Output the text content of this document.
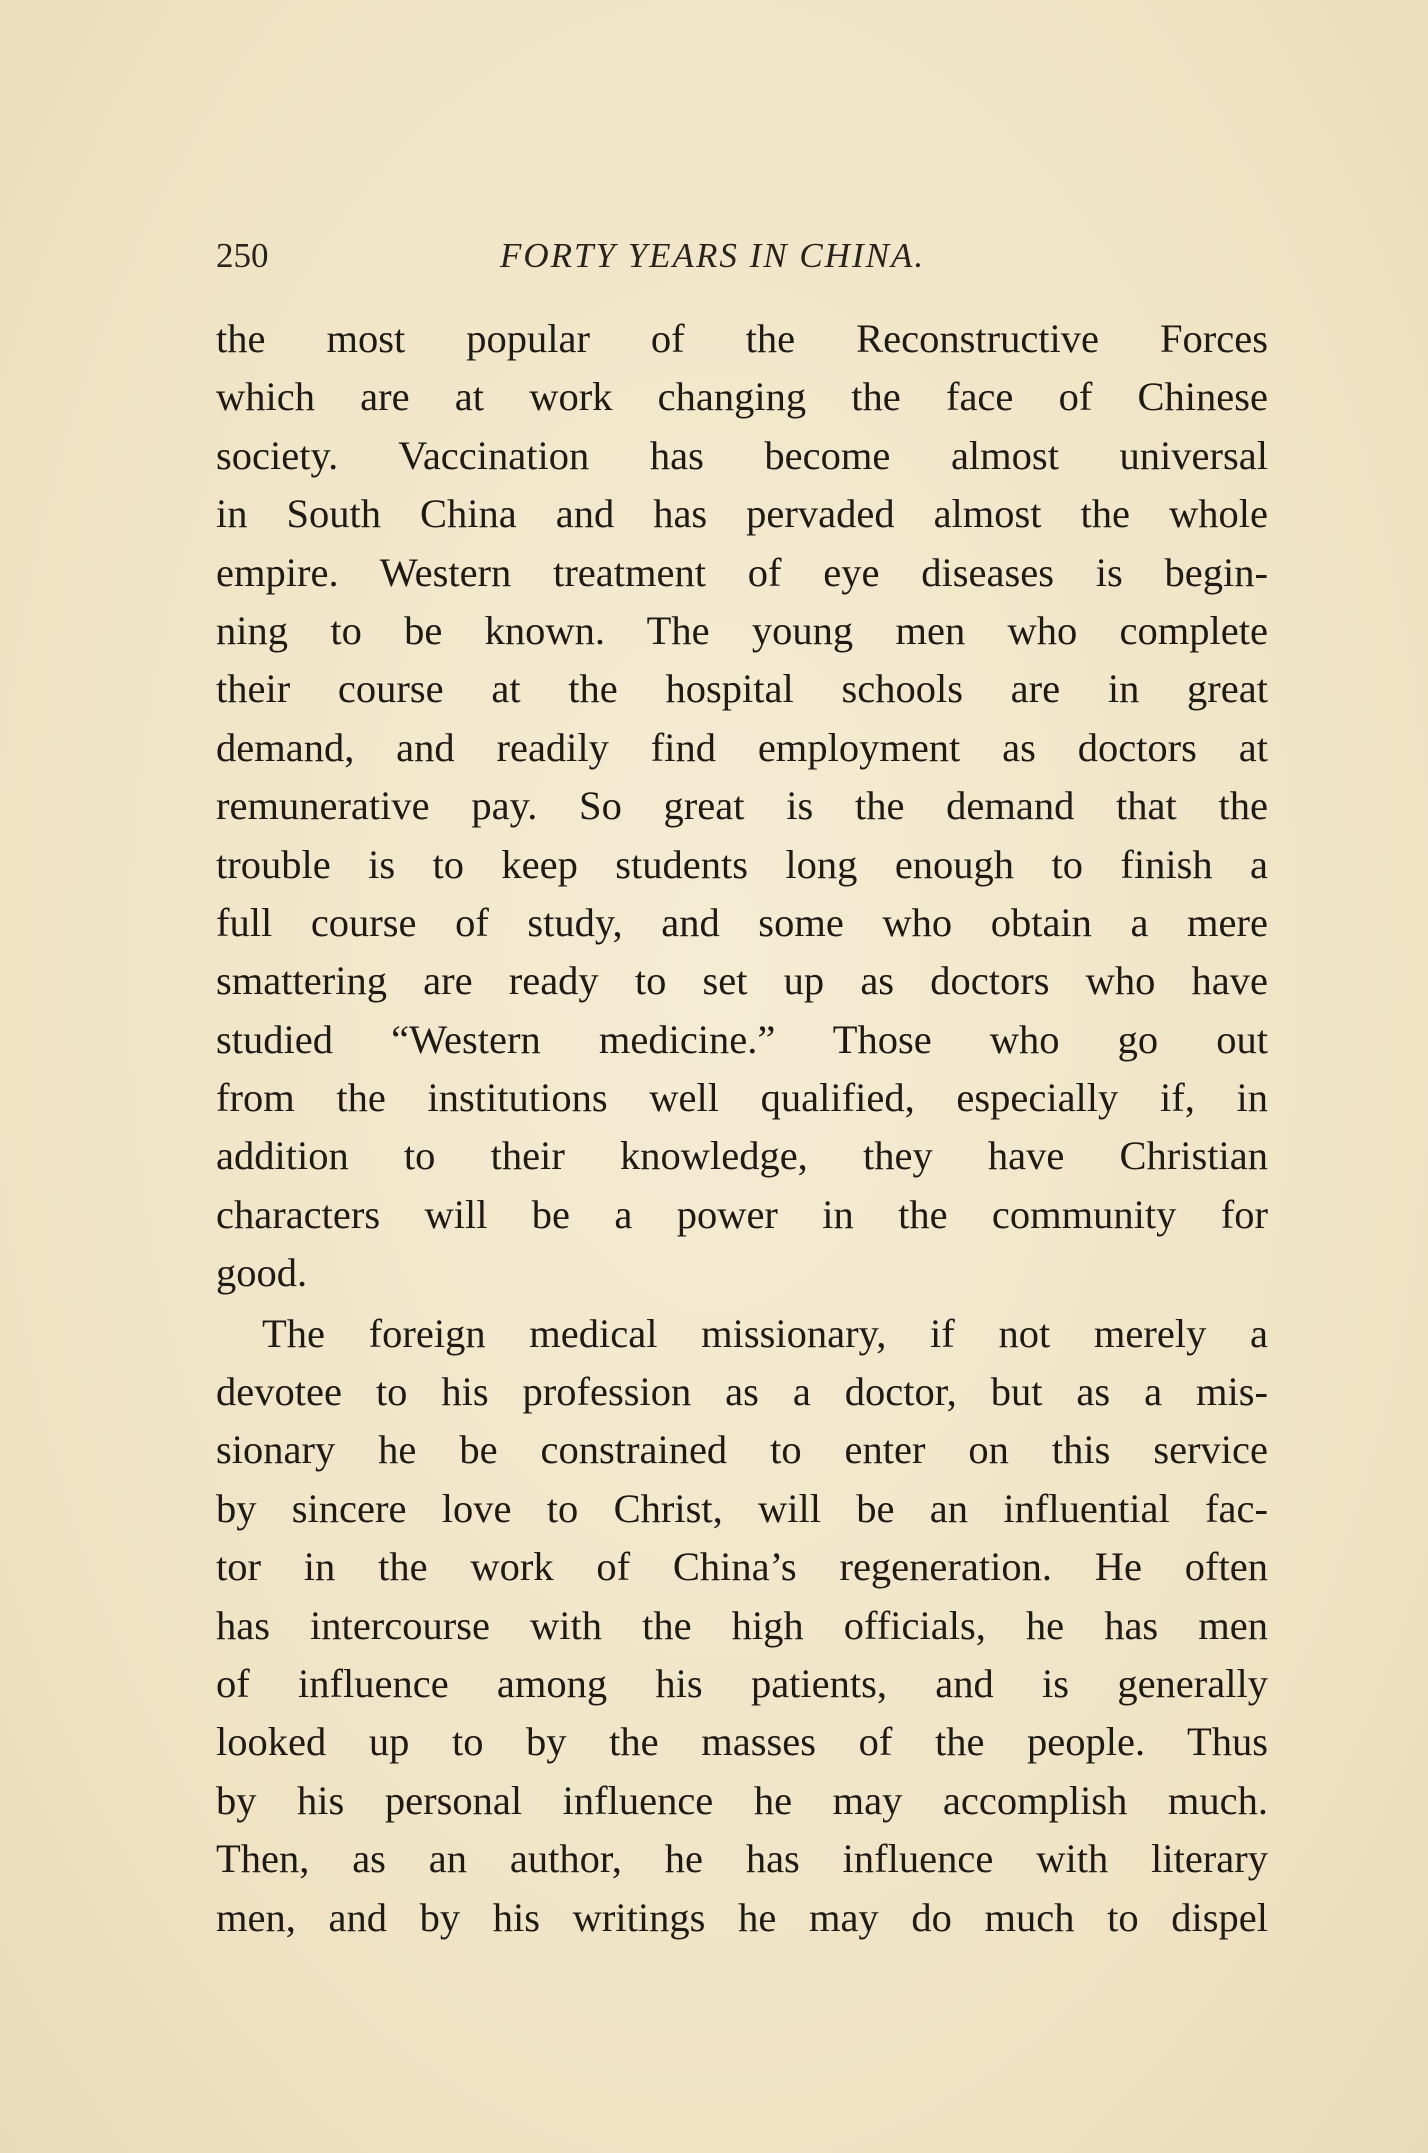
250	FORTY YEARS IN CHINA.
the most popular of the Reconstructive Forces
which are at work changing the face of Chinese
society. Vaccination has become almost universal
in South China and has pervaded almost the whole
empire. Western treatment of eye diseases is begin-
ning to be known. The young men who complete
their course at the hospital schools are in great
demand, and readily find employment as doctors at
remunerative pay. So great is the demand that the
trouble is to keep students long enough to finish a
full course of study, and some who obtain a mere
smattering are ready to set up as doctors who have
studied “Western medicine.” Those who go out
from the institutions well qualified, especially if, in
addition to their knowledge, they have Christian
characters will be a power in the community for
good.
The foreign medical missionary, if not merely a
devotee to his profession as a doctor, but as a mis-
sionary he be constrained to enter on this service
by sincere love to Christ, will be an influential fac-
tor in the work of China’s regeneration. He often
has intercourse with the high officials, he has men
of influence among his patients, and is generally
looked up to by the masses of the people. Thus
by his personal influence he may accomplish much.
Then, as an author, he has influence with literary
men, and by his writings he may do much to dispel
